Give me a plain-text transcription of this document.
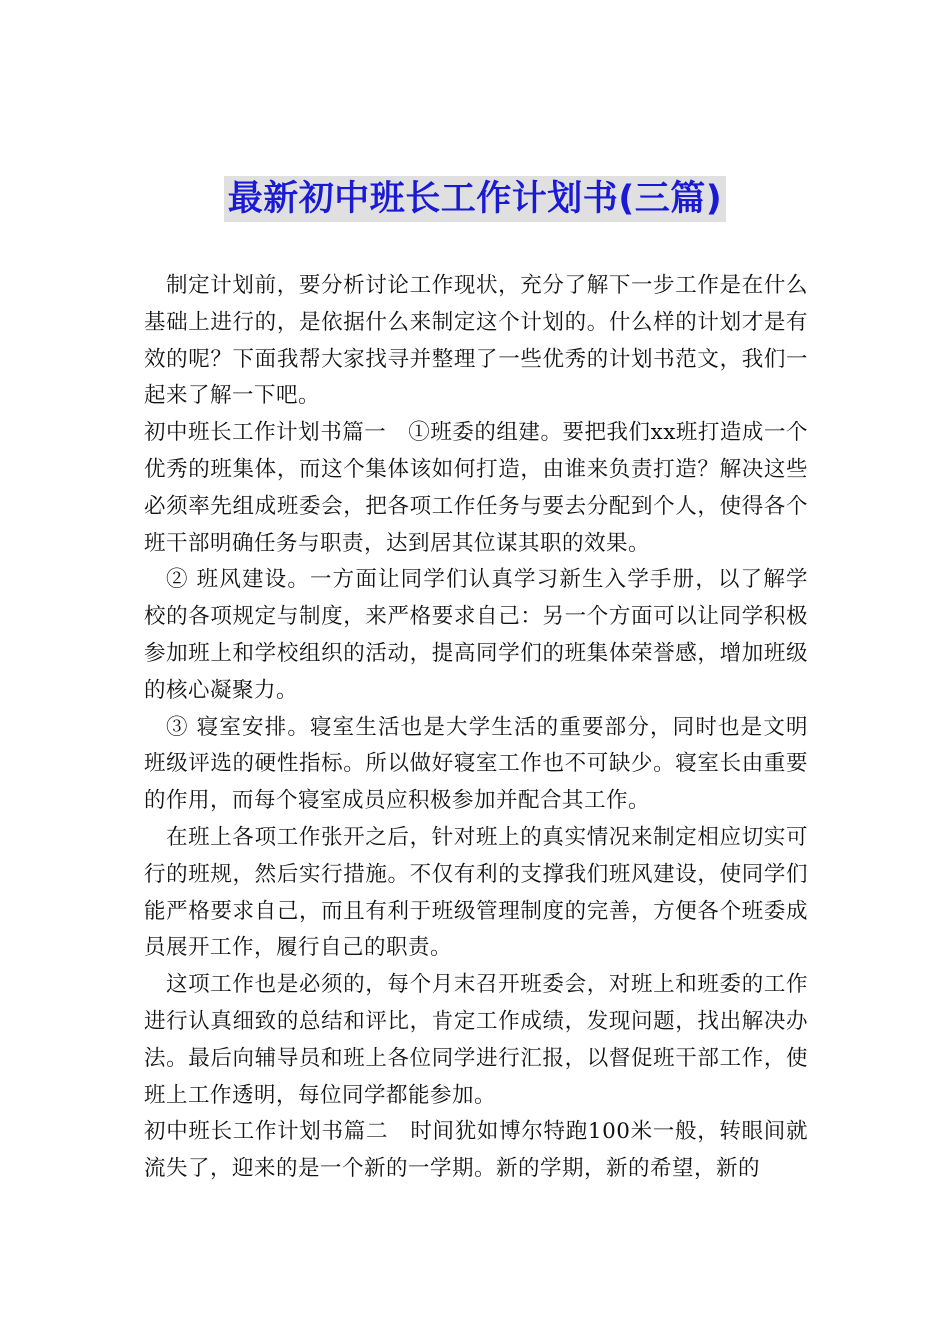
最新初中班长工作计划书(三篇)

制定计划前，要分析讨论工作现状，充分了解下一步工作是在什么基础上进行的，是依据什么来制定这个计划的。什么样的计划才是有效的呢？下面我帮大家找寻并整理了一些优秀的计划书范文，我们一起来了解一下吧。

初中班长工作计划书篇一　①班委的组建。要把我们xx班打造成一个优秀的班集体，而这个集体该如何打造，由谁来负责打造？解决这些必须率先组成班委会，把各项工作任务与要去分配到个人，使得各个班干部明确任务与职责，达到居其位谋其职的效果。

② 班风建设。一方面让同学们认真学习新生入学手册，以了解学校的各项规定与制度，来严格要求自己：另一个方面可以让同学积极参加班上和学校组织的活动，提高同学们的班集体荣誉感，增加班级的核心凝聚力。

③ 寝室安排。寝室生活也是大学生活的重要部分，同时也是文明班级评选的硬性指标。所以做好寝室工作也不可缺少。寝室长由重要的作用，而每个寝室成员应积极参加并配合其工作。

在班上各项工作张开之后，针对班上的真实情况来制定相应切实可行的班规，然后实行措施。不仅有利的支撑我们班风建设，使同学们能严格要求自己，而且有利于班级管理制度的完善，方便各个班委成员展开工作，履行自己的职责。

这项工作也是必须的，每个月末召开班委会，对班上和班委的工作进行认真细致的总结和评比，肯定工作成绩，发现问题，找出解决办法。最后向辅导员和班上各位同学进行汇报，以督促班干部工作，使班上工作透明，每位同学都能参加。

初中班长工作计划书篇二　时间犹如博尔特跑100米一般，转眼间就流失了，迎来的是一个新的一学期。新的学期，新的希望，新的
